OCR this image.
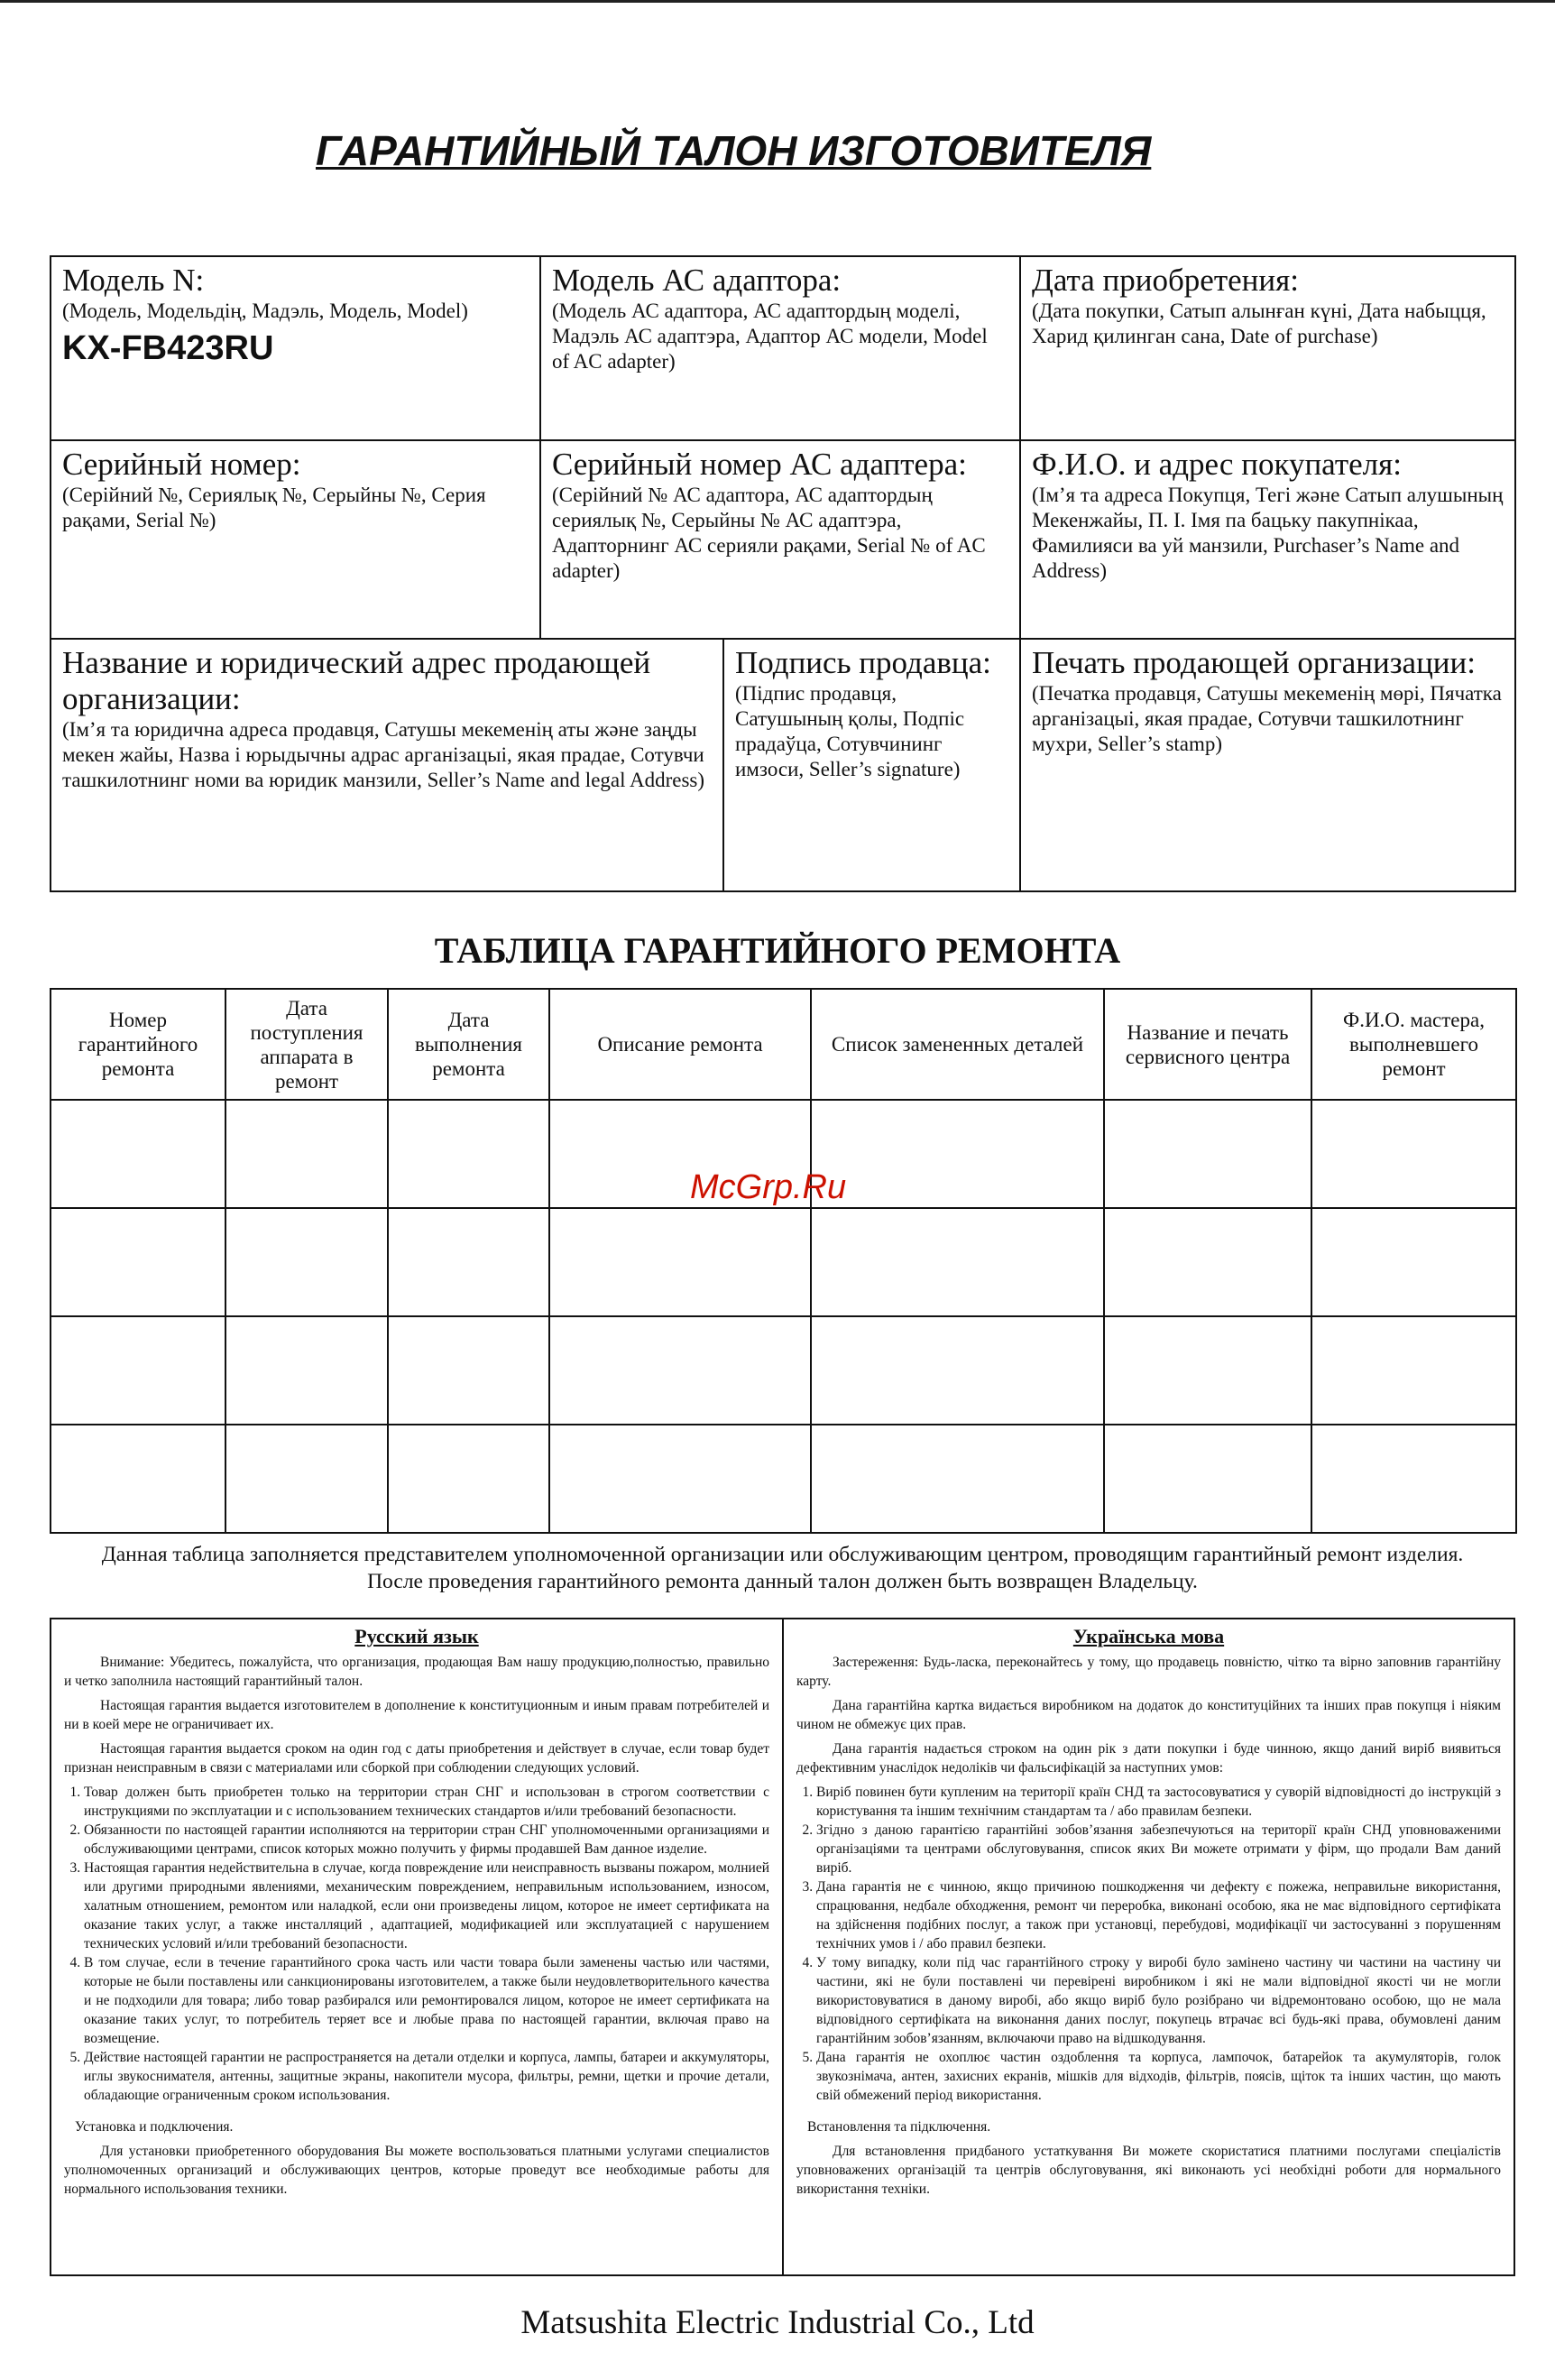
ГАРАНТИЙНЫЙ ТАЛОН ИЗГОТОВИТЕЛЯ
Модель N:
(Модель, Модельдің, Мадэль, Модель, Model)
KX-FB423RU
Модель АС адаптора:
(Модель АС адаптора, АС адаптордың моделі, Мадэль АС адаптэра, Адаптор АС модели, Model of AC adapter)
Дата приобретения:
(Дата покупки, Сатып алынған күні, Дата набыцця, Харид қилинган сана, Date of purchase)
Серийный номер:
(Серійний №, Сериялық №, Серыйны №, Серия рақами, Serial №)
Серийный номер АС адаптера:
(Серійний № АС адаптора, АС адаптордың сериялық №, Серыйны № АС адаптэра, Адапторнинг АС серияли рақами, Serial № of AC adapter)
Ф.И.О. и адрес покупателя:
(Ім’я та адреса Покупця, Тегі және Сатып алушының Мекенжайы, П. І. Імя па бацьку пакупнікаа, Фамилияси ва уй манзили, Purchaser’s Name and Address)
Название и юридический адрес продающей организации:
(Ім’я та юридична адреса продавця, Сатушы мекеменің аты және заңды мекен жайы, Назва і юрыдычны адрас арганізацыі, якая прадае, Сотувчи ташкилотнинг номи ва юридик манзили, Seller’s Name and legal Address)
Подпись продавца:
(Підпис продавця, Сатушының қолы, Подпіс прадаўца, Сотувчининг имзоси, Seller’s signature)
Печать продающей организации:
(Печатка продавця, Сатушы мекеменің мөрі, Пячатка арганізацыі, якая прадае, Сотувчи ташкилотнинг мухри, Seller’s stamp)
ТАБЛИЦА ГАРАНТИЙНОГО РЕМОНТА
Номер гарантийного ремонта	Дата поступления аппарата в ремонт	Дата выполнения ремонта	Описание ремонта	Список замененных деталей	Название и печать сервисного центра	Ф.И.О. мастера, выполневшего ремонт

McGrp.Ru
Данная таблица заполняется представителем уполномоченной организации или обслуживающим центром, проводящим гарантийный ремонт изделия.
После проведения гарантийного ремонта данный талон должен быть возвращен Владельцу.
Русский язык

Внимание: Убедитесь, пожалуйста, что организация, продающая Вам нашу продукцию,полностью, правильно и четко заполнила настоящий гарантийный талон.

Настоящая гарантия выдается изготовителем в дополнение к конституционным и иным правам потребителей и ни в коей мере не ограничивает их.

Настоящая гарантия выдается сроком на один год с даты приобретения и действует в случае, если товар будет признан неисправным в связи с материалами или сборкой при соблюдении следующих условий.

1. Товар должен быть приобретен только на территории стран СНГ и использован в строгом соответствии с инструкциями по эксплуатации и с использованием технических стандартов и/или требований безопасности.
2. Обязанности по настоящей гарантии исполняются на территории стран СНГ уполномоченными организациями и обслуживающими центрами, список которых можно получить у фирмы продавшей Вам данное изделие.
3. Настоящая гарантия недействительна в случае, когда повреждение или неисправность вызваны пожаром, молнией или другими природными явлениями, механическим повреждением, неправильным использованием, износом, халатным отношением, ремонтом или наладкой, если они произведены лицом, которое не имеет сертификата на оказание таких услуг, а также инсталляций , адаптацией, модификацией или эксплуатацией с нарушением технических условий и/или требований безопасности.
4. В том случае, если в течение гарантийного срока часть или части товара были заменены частью или частями, которые не были поставлены или санкционированы изготовителем, а также были неудовлетворительного качества и не подходили для товара; либо товар разбирался или ремонтировался лицом, которое не имеет сертификата на оказание таких услуг, то потребитель теряет все и любые права по настоящей гарантии, включая право на возмещение.
5. Действие настоящей гарантии не распространяется на детали отделки и корпуса, лампы, батареи и аккумуляторы, иглы звукоснимателя, антенны, защитные экраны, накопители мусора, фильтры, ремни, щетки и прочие детали, обладающие ограниченным сроком использования.

Установка и подключения.

Для установки приобретенного оборудования Вы можете воспользоваться платными услугами специалистов уполномоченных организаций и обслуживающих центров, которые проведут все необходимые работы для нормального использования техники.

Українська мова

Застереження: Будь-ласка, переконайтесь у тому, що продавець повністю, чітко та вірно заповнив гарантійну карту.

Дана гарантійна картка видається виробником на додаток до конституційних та інших прав покупця і ніяким чином не обмежує цих прав.

Дана гарантія надається строком на один рік з дати покупки і буде чинною, якщо даний виріб виявиться дефективним унаслідок недоліків чи фальсифікацій за наступних умов:

1. Виріб повинен бути купленим на території країн СНД та застосовуватися у суворій відповідності до інструкцій з користування та іншим технічним стандартам та / або правилам безпеки.
2. Згідно з даною гарантією гарантійні зобов’язання забезпечуються на території країн СНД уповноваженими організаціями та центрами обслуговування, список яких Ви можете отримати у фірм, що продали Вам даний виріб.
3. Дана гарантія не є чинною, якщо причиною пошкодження чи дефекту є пожежа, неправильне використання, спрацювання, недбале обходження, ремонт чи переробка, виконані особою, яка не має відповідного сертифіката на здійснення подібних послуг, а також при установці, перебудові, модифікації чи застосуванні з порушенням технічних умов і / або правил безпеки.
4. У тому випадку, коли під час гарантійного строку у виробі було замінено частину чи частини на частину чи частини, які не були поставлені чи перевірені виробником і які не мали відповідної якості чи не могли використовуватися в даному виробі, або якщо виріб було розібрано чи відремонтовано особою, що не мала відповідного сертифіката на виконання даних послуг, покупець втрачає всі будь-які права, обумовлені даним гарантійним зобов’язанням, включаючи право на відшкодування.
5. Дана гарантія не охоплює частин оздоблення та корпуса, лампочок, батарейок та акумуляторів, голок звукознімача, антен, захисних екранів, мішків для відходів, фільтрів, поясів, щіток та інших частин, що мають свій обмежений період використання.

Встановлення та підключення.

Для встановлення придбаного устаткування Ви можете скористатися платними послугами спеціалістів уповноважених організацій та центрів обслуговування, які виконають усі необхідні роботи для нормального використання техніки.

Matsushita Electric Industrial Co., Ltd
